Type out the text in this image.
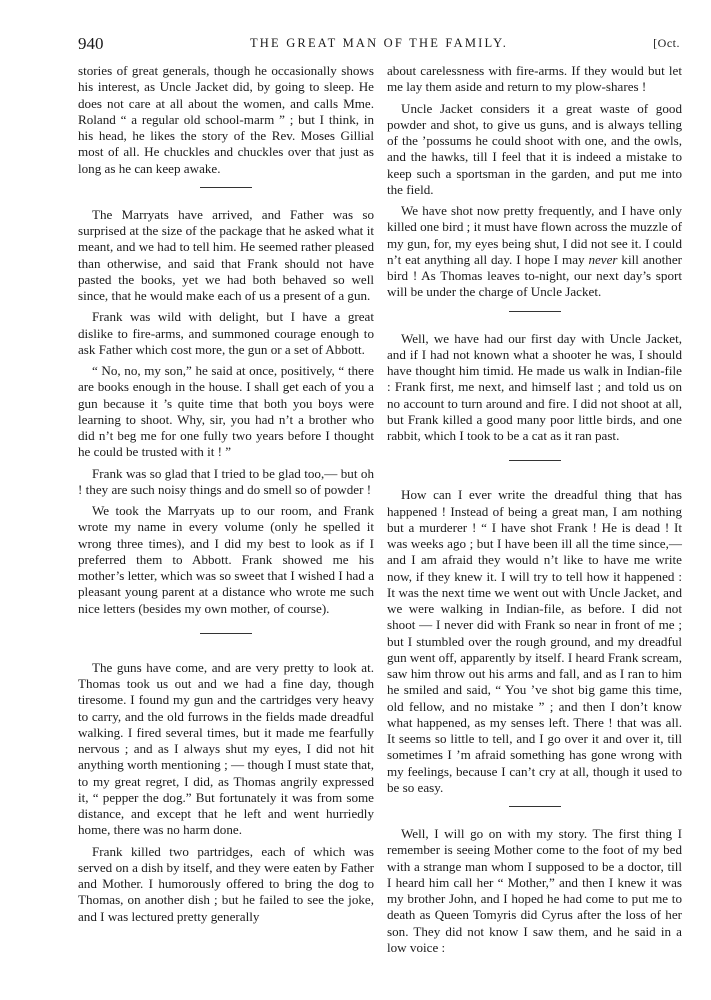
940	THE GREAT MAN OF THE FAMILY.	[Oct.

stories of great generals, though he occasionally shows his interest, as Uncle Jacket did, by going to sleep. He does not care at all about the women, and calls Mme. Roland “ a regular old school-marm ” ; but I think, in his head, he likes the story of the Rev. Moses Gillial most of all. He chuckles and chuckles over that just as long as he can keep awake.

The Marryats have arrived, and Father was so surprised at the size of the package that he asked what it meant, and we had to tell him. He seemed rather pleased than otherwise, and said that Frank should not have pasted the books, yet we had both behaved so well since, that he would make each of us a present of a gun.

Frank was wild with delight, but I have a great dislike to fire-arms, and summoned courage enough to ask Father which cost more, the gun or a set of Abbott.

“ No, no, my son,” he said at once, positively, “ there are books enough in the house. I shall get each of you a gun because it ’s quite time that both you boys were learning to shoot. Why, sir, you had n’t a brother who did n’t beg me for one fully two years before I thought he could be trusted with it ! ”

Frank was so glad that I tried to be glad too,— but oh ! they are such noisy things and do smell so of powder !

We took the Marryats up to our room, and Frank wrote my name in every volume (only he spelled it wrong three times), and I did my best to look as if I preferred them to Abbott. Frank showed me his mother’s letter, which was so sweet that I wished I had a pleasant young parent at a distance who wrote me such nice letters (besides my own mother, of course).

The guns have come, and are very pretty to look at. Thomas took us out and we had a fine day, though tiresome. I found my gun and the cartridges very heavy to carry, and the old furrows in the fields made dreadful walking. I fired several times, but it made me fearfully nervous ; and as I always shut my eyes, I did not hit anything worth mentioning ; — though I must state that, to my great regret, I did, as Thomas angrily expressed it, “ pepper the dog.” But fortunately it was from some distance, and except that he left and went hurriedly home, there was no harm done.

Frank killed two partridges, each of which was served on a dish by itself, and they were eaten by Father and Mother. I humorously offered to bring the dog to Thomas, on another dish ; but he failed to see the joke, and I was lectured pretty generally

about carelessness with fire-arms. If they would but let me lay them aside and return to my plow-shares !

Uncle Jacket considers it a great waste of good powder and shot, to give us guns, and is always telling of the ’possums he could shoot with one, and the owls, and the hawks, till I feel that it is indeed a mistake to keep such a sportsman in the garden, and put me into the field.

We have shot now pretty frequently, and I have only killed one bird ; it must have flown across the muzzle of my gun, for, my eyes being shut, I did not see it. I could n’t eat anything all day. I hope I may never kill another bird ! As Thomas leaves to-night, our next day’s sport will be under the charge of Uncle Jacket.

Well, we have had our first day with Uncle Jacket, and if I had not known what a shooter he was, I should have thought him timid. He made us walk in Indian-file : Frank first, me next, and himself last ; and told us on no account to turn around and fire. I did not shoot at all, but Frank killed a good many poor little birds, and one rabbit, which I took to be a cat as it ran past.

How can I ever write the dreadful thing that has happened ! Instead of being a great man, I am nothing but a murderer ! “ I have shot Frank ! He is dead ! It was weeks ago ; but I have been ill all the time since,— and I am afraid they would n’t like to have me write now, if they knew it. I will try to tell how it happened : It was the next time we went out with Uncle Jacket, and we were walking in Indian-file, as before. I did not shoot — I never did with Frank so near in front of me ; but I stumbled over the rough ground, and my dreadful gun went off, apparently by itself. I heard Frank scream, saw him throw out his arms and fall, and as I ran to him he smiled and said, “ You ’ve shot big game this time, old fellow, and no mistake ” ; and then I don’t know what happened, as my senses left. There ! that was all. It seems so little to tell, and I go over it and over it, till sometimes I ’m afraid something has gone wrong with my feelings, because I can’t cry at all, though it used to be so easy.

Well, I will go on with my story. The first thing I remember is seeing Mother come to the foot of my bed with a strange man whom I supposed to be a doctor, till I heard him call her “ Mother,” and then I knew it was my brother John, and I hoped he had come to put me to death as Queen Tomyris did Cyrus after the loss of her son. They did not know I saw them, and he said in a low voice :
